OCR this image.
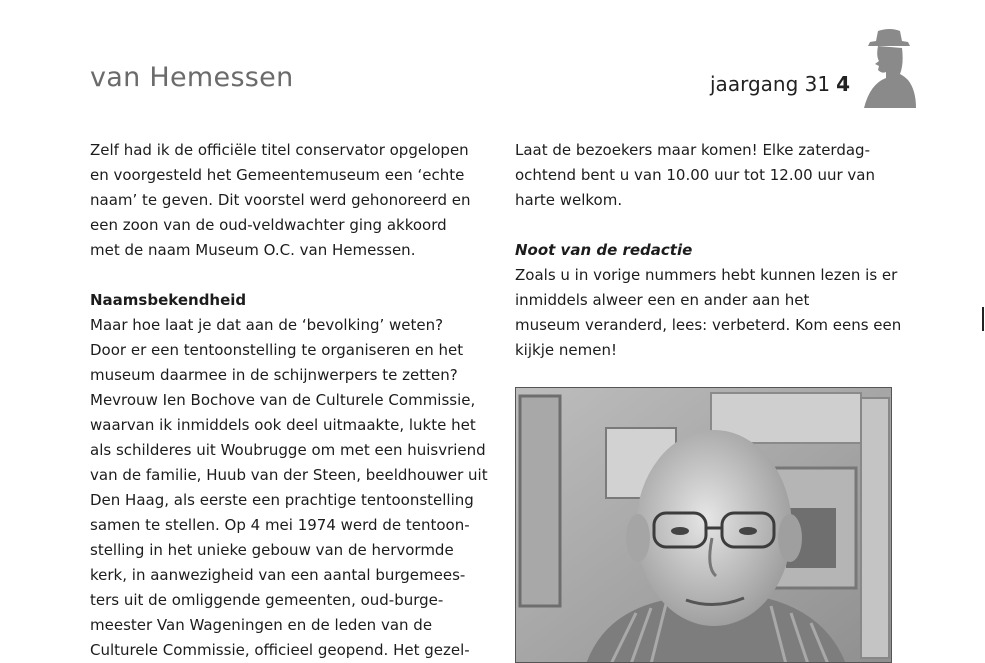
van Hemessen	jaargang 31 4
Zelf had ik de officiële titel conservator opgelopen
en voorgesteld het Gemeentemuseum een ‘echte
naam’ te geven. Dit voorstel werd gehonoreerd en
een zoon van de oud-veldwachter ging akkoord
met de naam Museum O.C. van Hemessen.
Naamsbekendheid
Maar hoe laat je dat aan de ‘bevolking’ weten?
Door er een tentoonstelling te organiseren en het
museum daarmee in de schijnwerpers te zetten?
Mevrouw Ien Bochove van de Culturele Commissie,
waarvan ik inmiddels ook deel uitmaakte, lukte het
als schilderes uit Woubrugge om met een huisvriend
van de familie, Huub van der Steen, beeldhouwer uit
Den Haag, als eerste een prachtige tentoonstelling
samen te stellen. Op 4 mei 1974 werd de tentoon-
stelling in het unieke gebouw van de hervormde
kerk, in aanwezigheid van een aantal burgemees-
ters uit de omliggende gemeenten, oud-burge-
meester Van Wageningen en de leden van de
Culturele Commissie, officieel geopend. Het gezel-
Laat de bezoekers maar komen! Elke zaterdag-
ochtend bent u van 10.00 uur tot 12.00 uur van
harte welkom.
Noot van de redactie
Zoals u in vorige nummers hebt kunnen lezen is er
inmiddels alweer een en ander aan het
museum veranderd, lees: verbeterd. Kom eens een
kijkje nemen!
